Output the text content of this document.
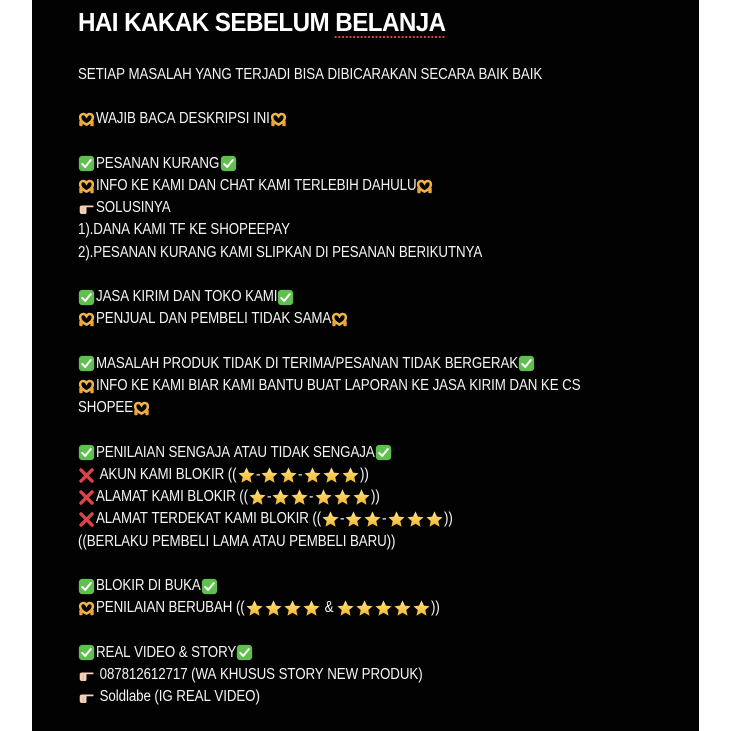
HAI KAKAK SEBELUM BELANJA
SETIAP MASALAH YANG TERJADI BISA DIBICARAKAN SECARA BAIK BAIK
WAJIB BACA DESKRIPSI INI
PESANAN KURANG
INFO KE KAMI DAN CHAT KAMI TERLEBIH DAHULU
SOLUSINYA
1).DANA KAMI TF KE SHOPEEPAY
2).PESANAN KURANG KAMI SLIPKAN DI PESANAN BERIKUTNYA
JASA KIRIM DAN TOKO KAMI
PENJUAL DAN PEMBELI TIDAK SAMA
MASALAH PRODUK TIDAK DI TERIMA/PESANAN TIDAK BERGERAK
INFO KE KAMI BIAR KAMI BANTU BUAT LAPORAN KE JASA KIRIM DAN KE CS
SHOPEE
PENILAIAN SENGAJA ATAU TIDAK SENGAJA
AKUN KAMI BLOKIR (( - -	))
ALAMAT KAMI BLOKIR (( - -	))
ALAMAT TERDEKAT KAMI BLOKIR (( - -	))
((BERLAKU PEMBELI LAMA ATAU PEMBELI BARU))
BLOKIR DI BUKA
PENILAIAN BERUBAH ((	&	))
REAL VIDEO & STORY
087812612717 (WA KHUSUS STORY NEW PRODUK)
Soldlabe (IG REAL VIDEO)
